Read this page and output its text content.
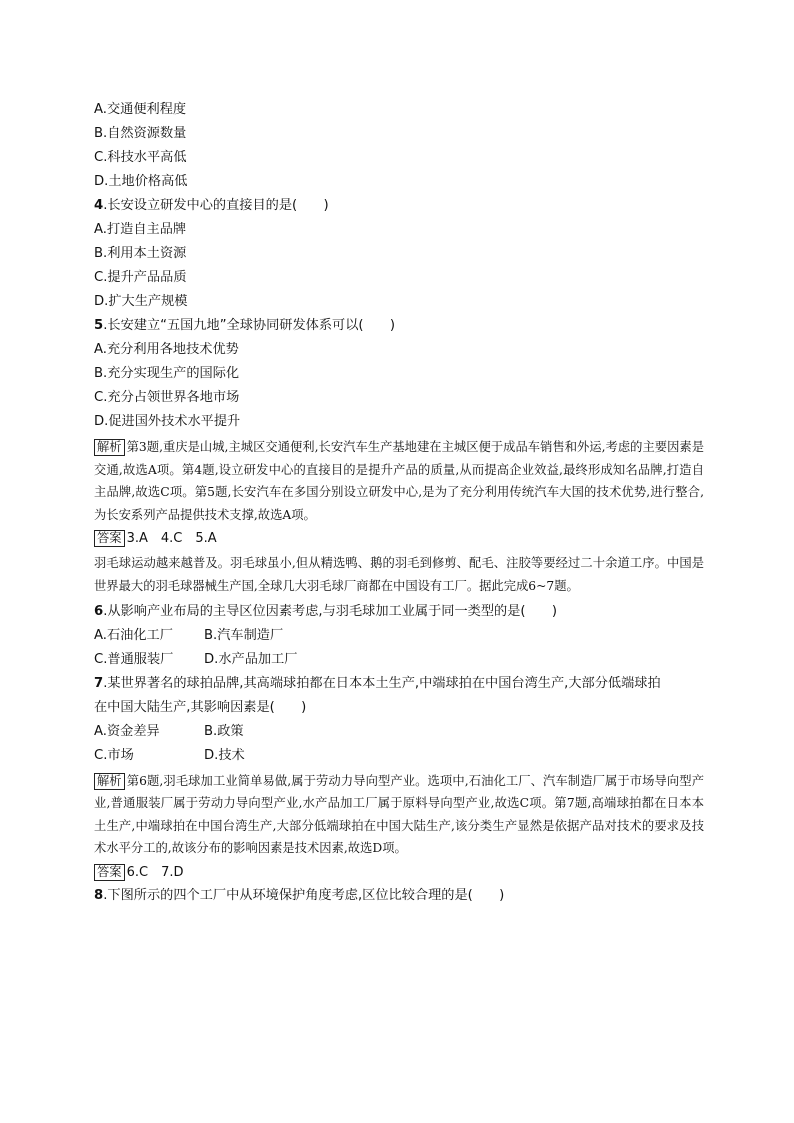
A.交通便利程度
B.自然资源数量
C.科技水平高低
D.土地价格高低
4.长安设立研发中心的直接目的是(　　)
A.打造自主品牌
B.利用本土资源
C.提升产品品质
D.扩大生产规模
5.长安建立“五国九地”全球协同研发体系可以(　　)
A.充分利用各地技术优势
B.充分实现生产的国际化
C.充分占领世界各地市场
D.促进国外技术水平提升
解析 第3题,重庆是山城,主城区交通便利,长安汽车生产基地建在主城区便于成品车销售和外运,考虑的主要因素是交通,故选A项。第4题,设立研发中心的直接目的是提升产品的质量,从而提高企业效益,最终形成知名品牌,打造自主品牌,故选C项。第5题,长安汽车在多国分别设立研发中心,是为了充分利用传统汽车大国的技术优势,进行整合,为长安系列产品提供技术支撑,故选A项。
答案 3.A　4.C　5.A
羽毛球运动越来越普及。羽毛球虽小,但从精选鸭、鹅的羽毛到修剪、配毛、注胶等要经过二十余道工序。中国是世界最大的羽毛球器械生产国,全球几大羽毛球厂商都在中国设有工厂。据此完成6~7题。
6.从影响产业布局的主导区位因素考虑,与羽毛球加工业属于同一类型的是(　　)
A.石油化工厂	B.汽车制造厂
C.普通服装厂	D.水产品加工厂
7.某世界著名的球拍品牌,其高端球拍都在日本本土生产,中端球拍在中国台湾生产,大部分低端球拍
在中国大陆生产,其影响因素是(　　)
A.资金差异	B.政策
C.市场	D.技术
解析 第6题,羽毛球加工业简单易做,属于劳动力导向型产业。选项中,石油化工厂、汽车制造厂属于市场导向型产业,普通服装厂属于劳动力导向型产业,水产品加工厂属于原料导向型产业,故选C项。第7题,高端球拍都在日本本土生产,中端球拍在中国台湾生产,大部分低端球拍在中国大陆生产,该分类生产显然是依据产品对技术的要求及技术水平分工的,故该分布的影响因素是技术因素,故选D项。
答案 6.C　7.D
8.下图所示的四个工厂中从环境保护角度考虑,区位比较合理的是(　　)
